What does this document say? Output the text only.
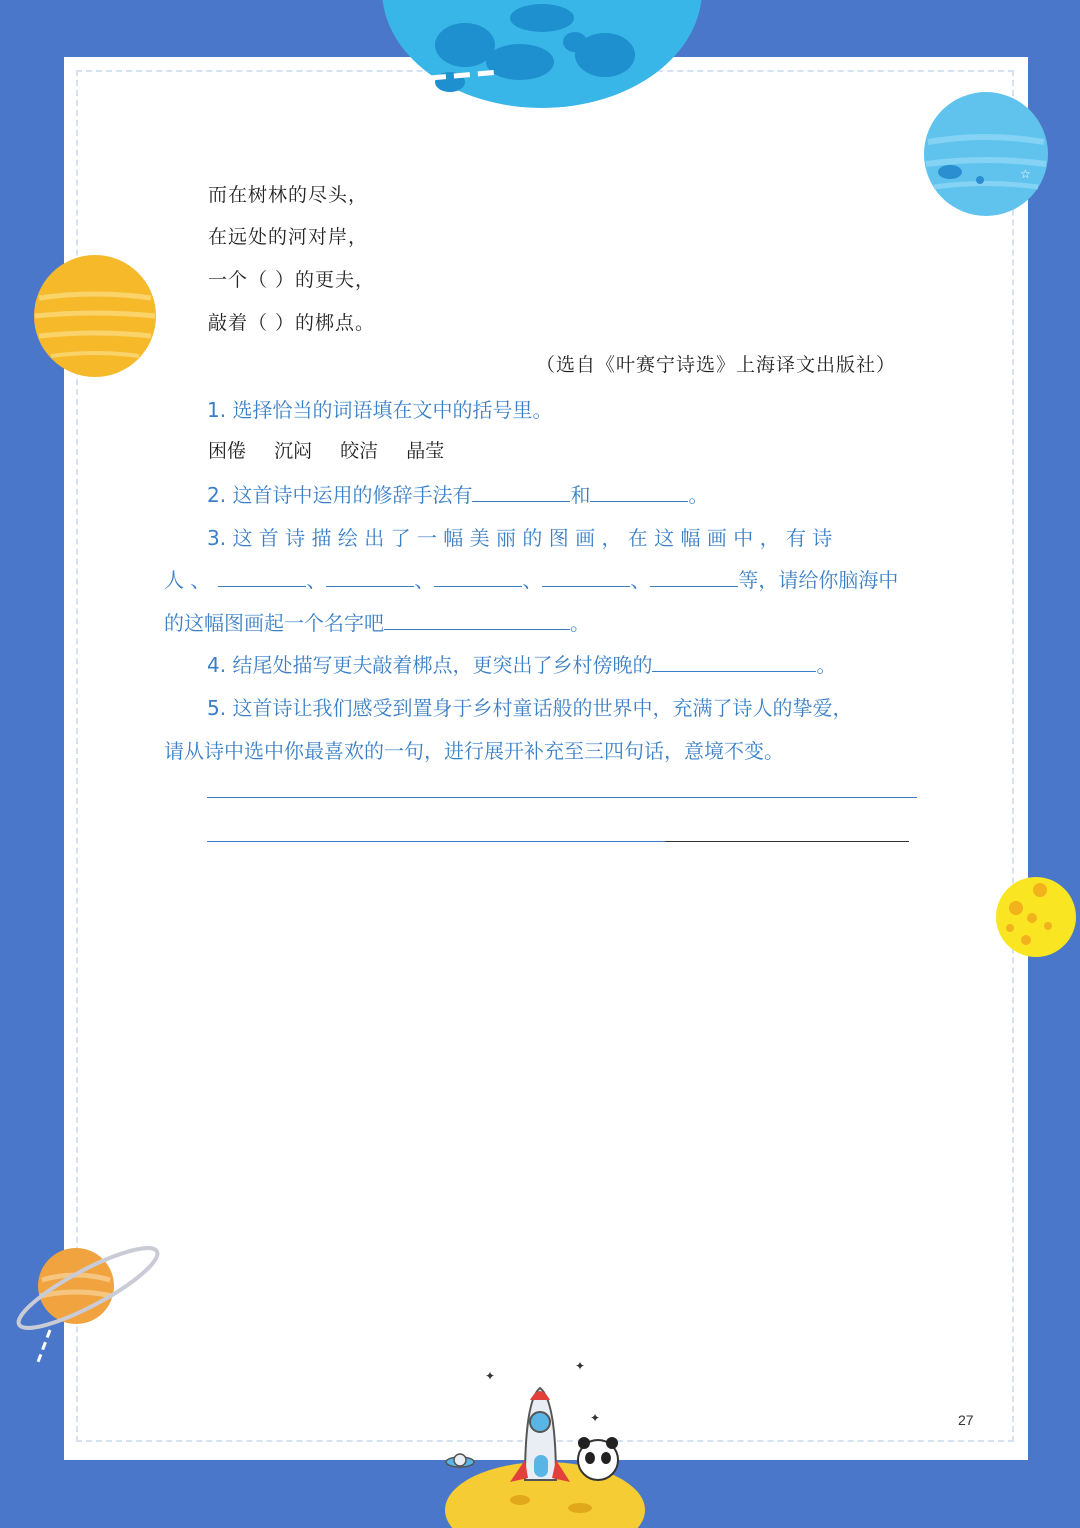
☆
✦
✦
✦
而在树林的尽头，
在远处的河对岸，
一个（ ）的更夫，
敲着（ ）的梆点。
（选自《叶赛宁诗选》上海译文出版社）
1. 选择恰当的词语填在文中的括号里。
困倦 沉闷 皎洁 晶莹
2. 这首诗中运用的修辞手法有	和	。
3. 这 首 诗 描 绘 出 了 一 幅 美 丽 的 图 画 ， 在 这 幅 画 中 ， 有 诗
人 、	、	、	、	、	等，请给你脑海中
的这幅图画起一个名字吧	。
4. 结尾处描写更夫敲着梆点，更突出了乡村傍晚的	。
5. 这首诗让我们感受到置身于乡村童话般的世界中，充满了诗人的挚爱，
请从诗中选中你最喜欢的一句，进行展开补充至三四句话，意境不变。
27
